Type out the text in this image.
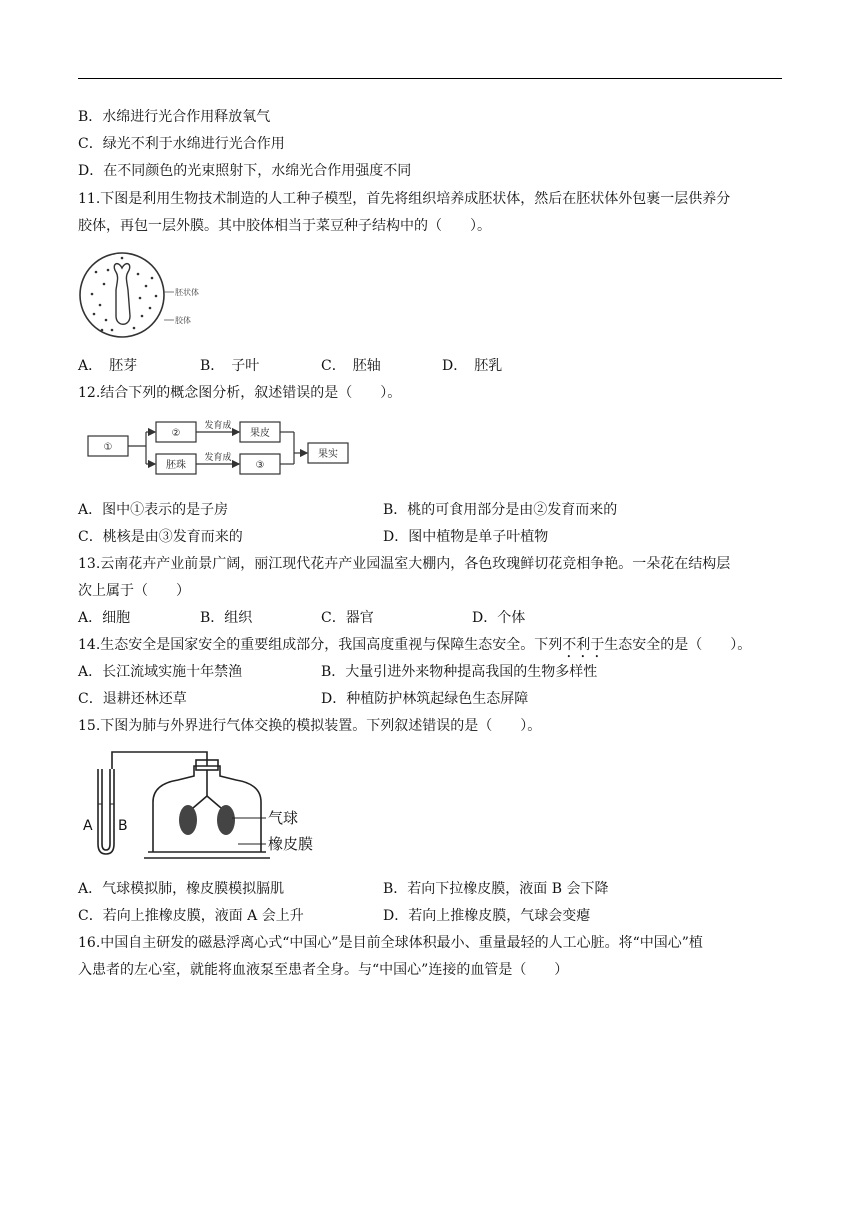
B．水绵进行光合作用释放氧气
C．绿光不利于水绵进行光合作用
D．在不同颜色的光束照射下，水绵光合作用强度不同
11.下图是利用生物技术制造的人工种子模型，首先将组织培养成胚状体，然后在胚状体外包裹一层供养分
胶体，再包一层外膜。其中胶体相当于菜豆种子结构中的（　　）。
胚状体
胶体
A．　胚芽	B．　子叶	C．　胚轴	D．　胚乳
12.结合下列的概念图分析，叙述错误的是（　　）。
①
②
胚珠
果皮
③
果实
发育成
发育成
A．图中①表示的是子房	B．桃的可食用部分是由②发育而来的
C．桃核是由③发育而来的	D．图中植物是单子叶植物
13.云南花卉产业前景广阔，丽江现代花卉产业园温室大棚内，各色玫瑰鲜切花竞相争艳。一朵花在结构层
次上属于（　　）
A．细胞	B．组织	C．器官	D．个体
14.生态安全是国家安全的重要组成部分，我国高度重视与保障生态安全。下列不利于生态安全的是（　　）。
A．长江流域实施十年禁渔	B．大量引进外来物种提高我国的生物多样性
C．退耕还林还草	D．种植防护林筑起绿色生态屏障
15.下图为肺与外界进行气体交换的模拟装置。下列叙述错误的是（　　）。
A B	气球
橡皮膜
A．气球模拟肺，橡皮膜模拟膈肌	B．若向下拉橡皮膜，液面 B 会下降
C．若向上推橡皮膜，液面 A 会上升	D．若向上推橡皮膜，气球会变瘪
16.中国自主研发的磁悬浮离心式“中国心”是目前全球体积最小、重量最轻的人工心脏。将“中国心”植
入患者的左心室，就能将血液泵至患者全身。与“中国心”连接的血管是（　　）
